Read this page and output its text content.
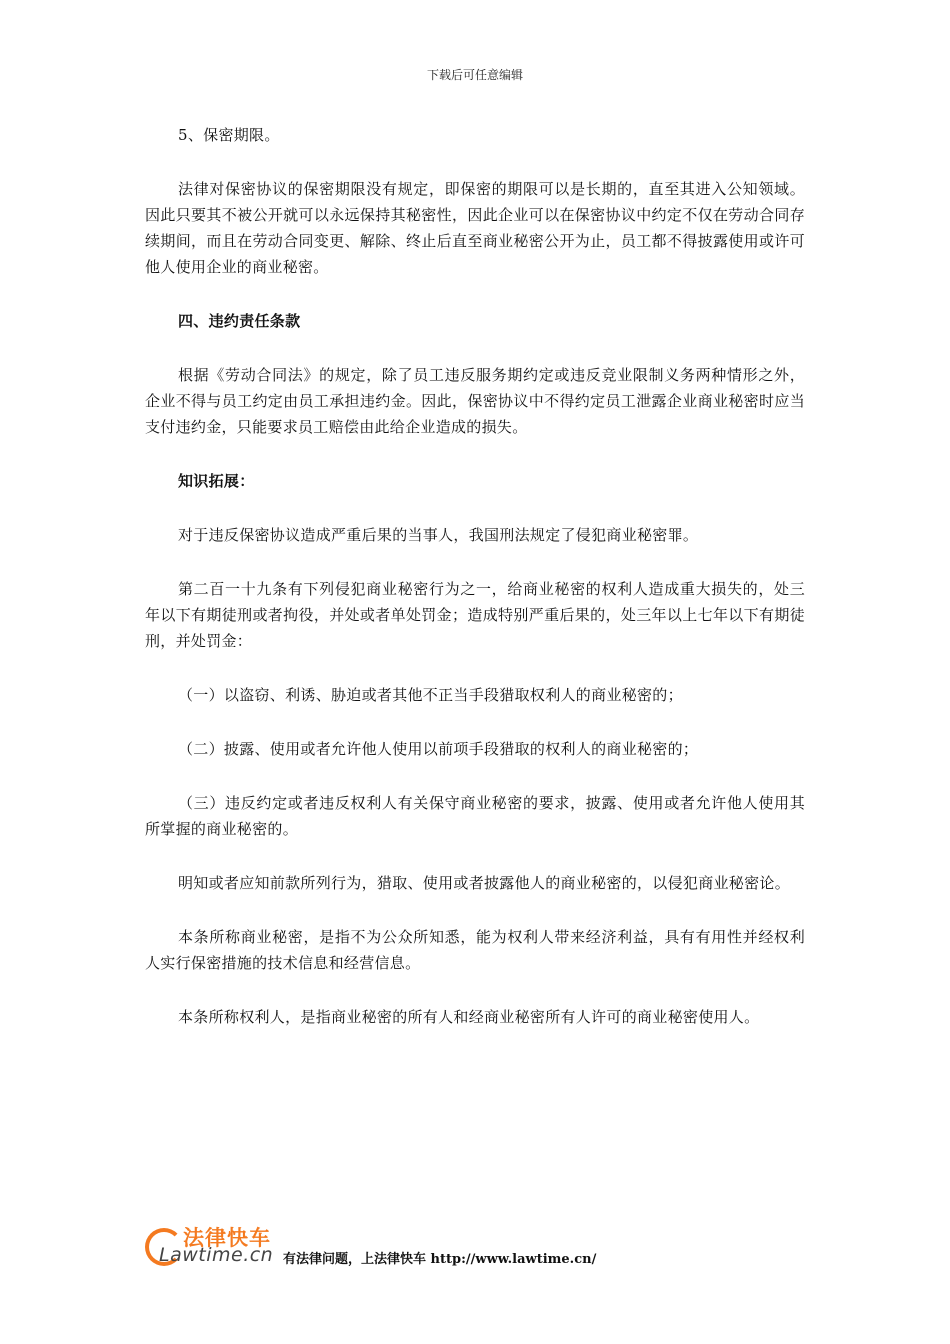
下载后可任意编辑

5、保密期限。

法律对保密协议的保密期限没有规定，即保密的期限可以是长期的，直至其进入公知领域。因此只要其不被公开就可以永远保持其秘密性，因此企业可以在保密协议中约定不仅在劳动合同存续期间，而且在劳动合同变更、解除、终止后直至商业秘密公开为止，员工都不得披露使用或许可他人使用企业的商业秘密。

四、违约责任条款

根据《劳动合同法》的规定，除了员工违反服务期约定或违反竞业限制义务两种情形之外，企业不得与员工约定由员工承担违约金。因此，保密协议中不得约定员工泄露企业商业秘密时应当支付违约金，只能要求员工赔偿由此给企业造成的损失。

知识拓展：

对于违反保密协议造成严重后果的当事人，我国刑法规定了侵犯商业秘密罪。

第二百一十九条有下列侵犯商业秘密行为之一，给商业秘密的权利人造成重大损失的，处三年以下有期徒刑或者拘役，并处或者单处罚金；造成特别严重后果的，处三年以上七年以下有期徒刑，并处罚金：

（一）以盗窃、利诱、胁迫或者其他不正当手段猎取权利人的商业秘密的；

（二）披露、使用或者允许他人使用以前项手段猎取的权利人的商业秘密的；

（三）违反约定或者违反权利人有关保守商业秘密的要求，披露、使用或者允许他人使用其所掌握的商业秘密的。

明知或者应知前款所列行为，猎取、使用或者披露他人的商业秘密的，以侵犯商业秘密论。

本条所称商业秘密，是指不为公众所知悉，能为权利人带来经济利益，具有有用性并经权利人实行保密措施的技术信息和经营信息。

本条所称权利人，是指商业秘密的所有人和经商业秘密所有人许可的商业秘密使用人。

法律快车
Lawtime.cn 有法律问题，上法律快车 http://www.lawtime.cn/
